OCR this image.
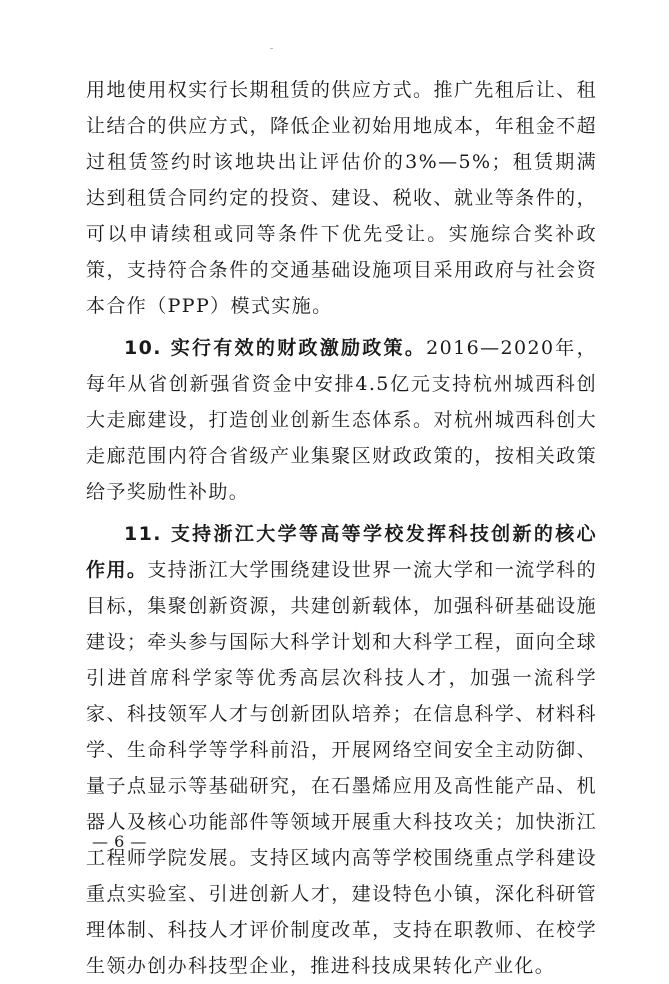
用地使用权实行长期租赁的供应方式。推广先租后让、租让结合的供应方式，降低企业初始用地成本，年租金不超过租赁签约时该地块出让评估价的3%—5%；租赁期满达到租赁合同约定的投资、建设、税收、就业等条件的，可以申请续租或同等条件下优先受让。实施综合奖补政策，支持符合条件的交通基础设施项目采用政府与社会资本合作（PPP）模式实施。

10. 实行有效的财政激励政策。2016—2020年，每年从省创新强省资金中安排4.5亿元支持杭州城西科创大走廊建设，打造创业创新生态体系。对杭州城西科创大走廊范围内符合省级产业集聚区财政政策的，按相关政策给予奖励性补助。

11. 支持浙江大学等高等学校发挥科技创新的核心作用。支持浙江大学围绕建设世界一流大学和一流学科的目标，集聚创新资源，共建创新载体，加强科研基础设施建设；牵头参与国际大科学计划和大科学工程，面向全球引进首席科学家等优秀高层次科技人才，加强一流科学家、科技领军人才与创新团队培养；在信息科学、材料科学、生命科学等学科前沿，开展网络空间安全主动防御、量子点显示等基础研究，在石墨烯应用及高性能产品、机器人及核心功能部件等领域开展重大科技攻关；加快浙江工程师学院发展。支持区域内高等学校围绕重点学科建设重点实验室、引进创新人才，建设特色小镇，深化科研管理体制、科技人才评价制度改革，支持在职教师、在校学生领办创办科技型企业，推进科技成果转化产业化。

— 6 —
